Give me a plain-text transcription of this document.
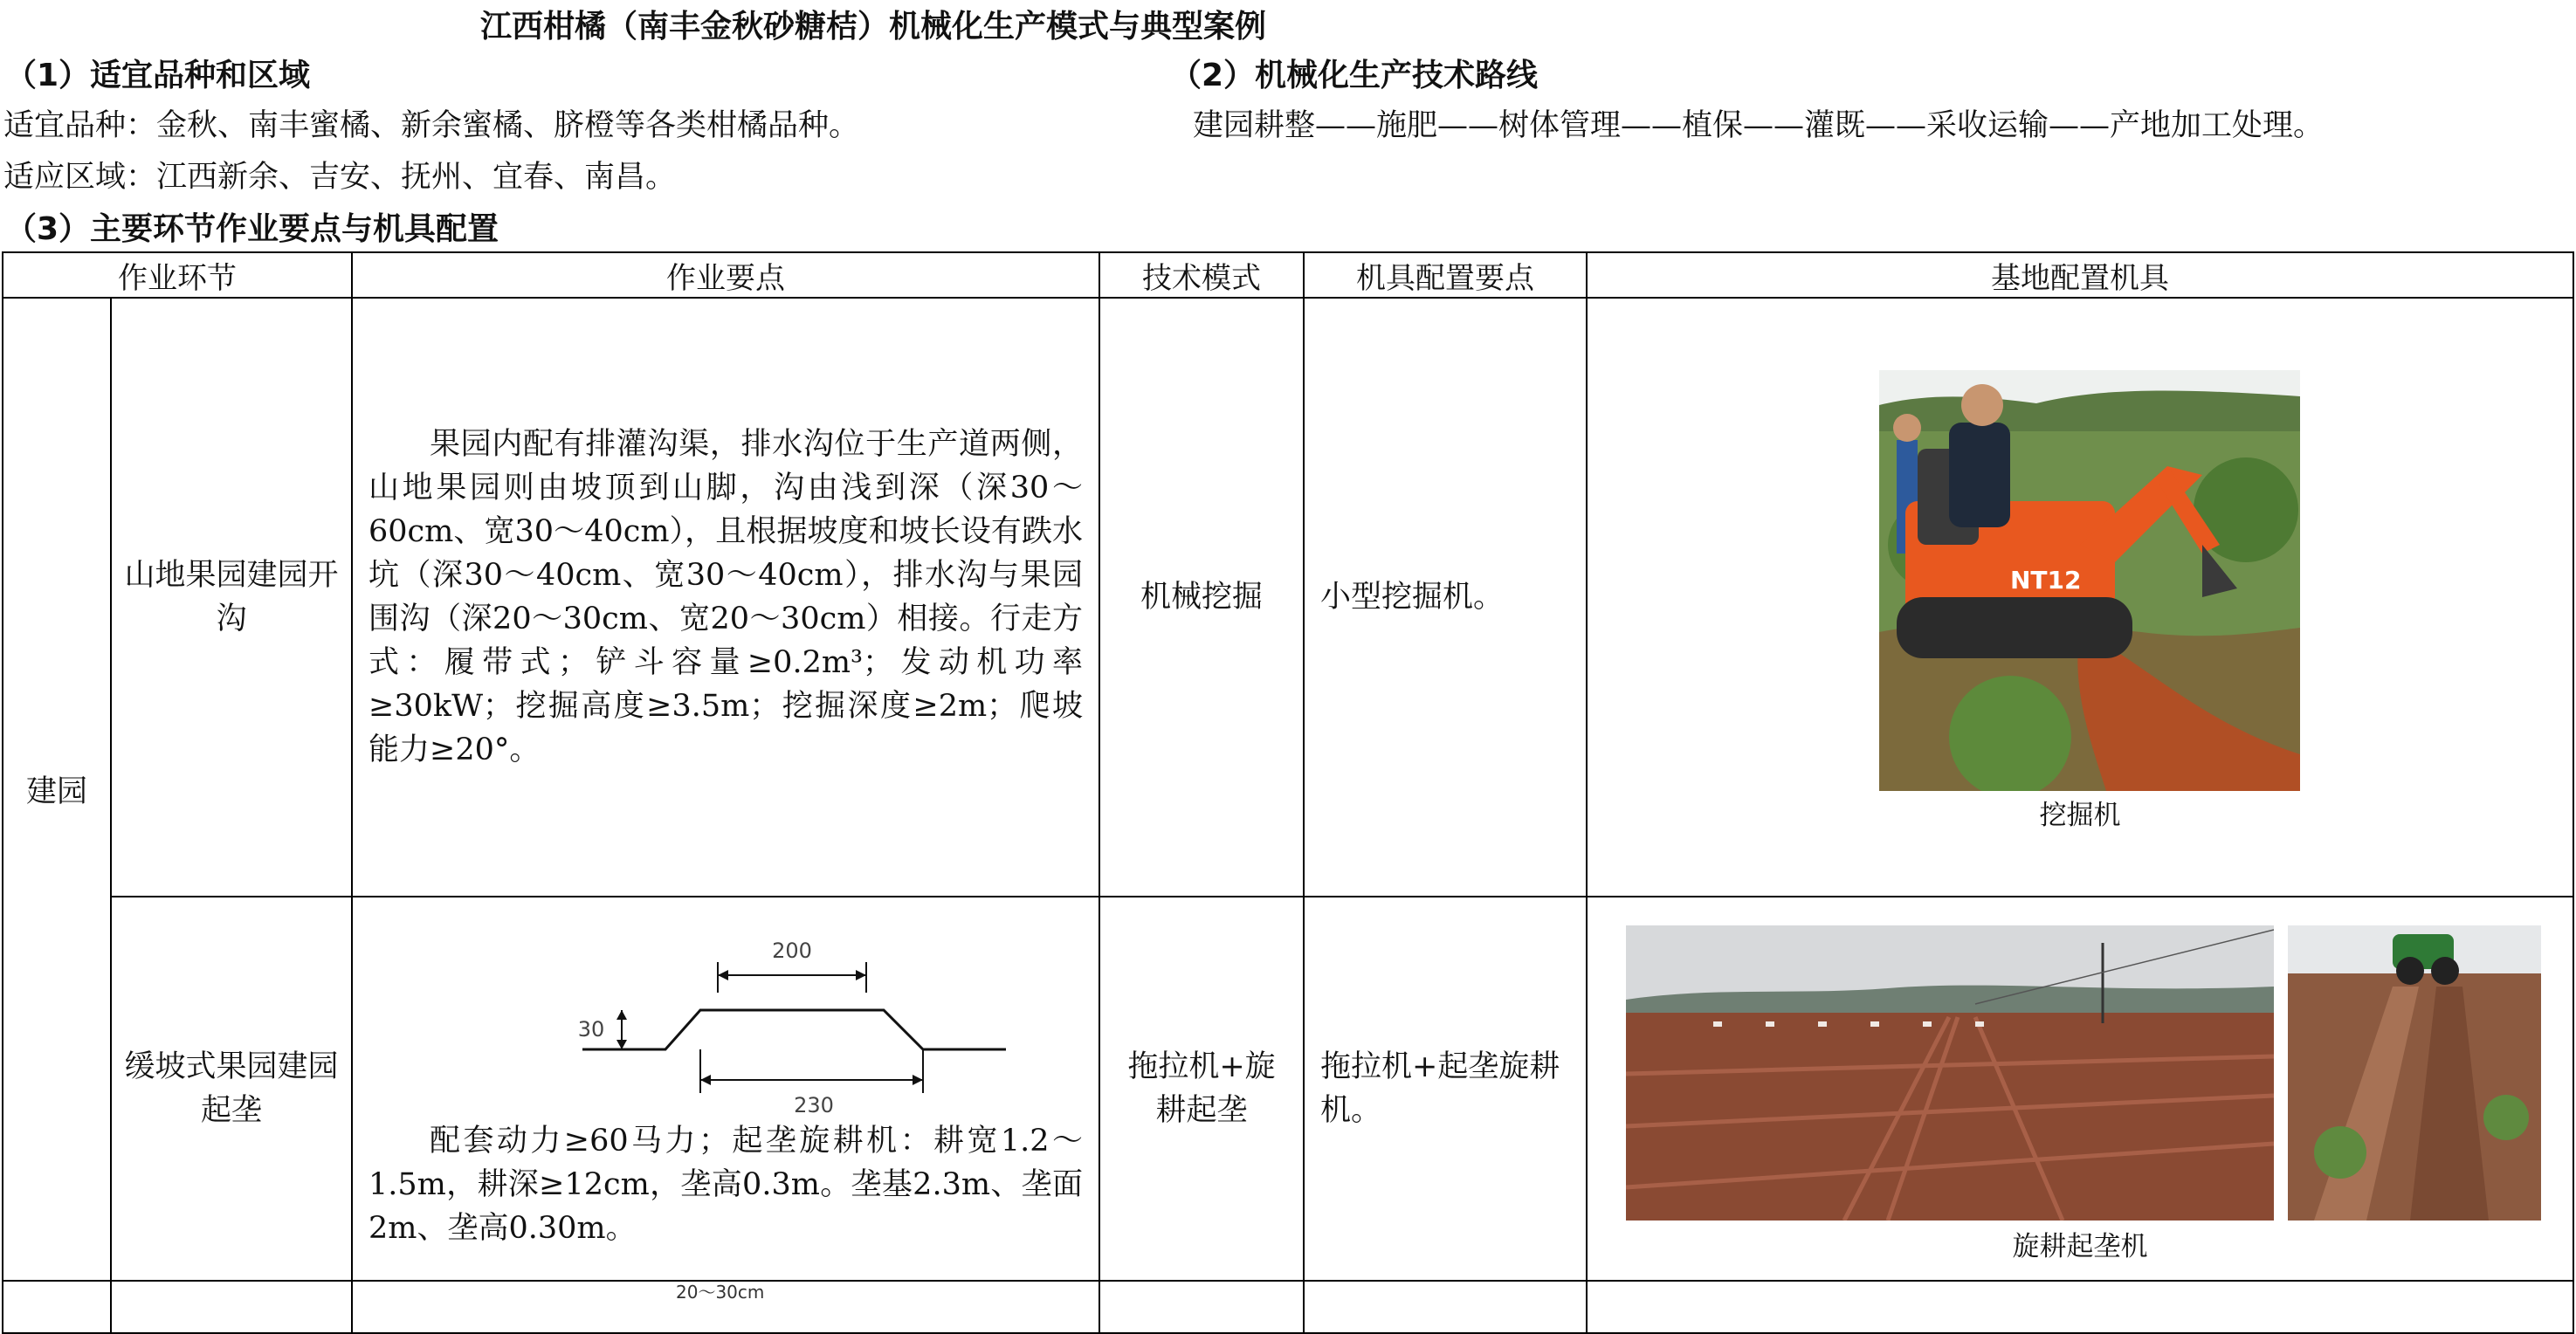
江西柑橘（南丰金秋砂糖桔）机械化生产模式与典型案例
（1）适宜品种和区域
适宜品种：金秋、南丰蜜橘、新余蜜橘、脐橙等各类柑橘品种。
适应区域：江西新余、吉安、抚州、宜春、南昌。
（2）机械化生产技术路线
建园耕整——施肥——树体管理——植保——灌既——采收运输——产地加工处理。
（3）主要环节作业要点与机具配置
作业环节		作业要点	技术模式	机具配置要点	基地配置机具
建园	山地果园建园开沟	果园内配有排灌沟渠，排水沟位于生产道两侧，山地果园则由坡顶到山脚，沟由浅到深（深30～60cm、宽30～40cm），且根据坡度和坡长设有跌水坑（深30～40cm、宽30～40cm），排水沟与果园围沟（深20～30cm、宽20～30cm）相接。行走方式：履带式；铲斗容量≥0.2m³；发动机功率≥30kW；挖掘高度≥3.5m；挖掘深度≥2m；爬坡能力≥20°。	机械挖掘	小型挖掘机。	NT12
挖掘机

	缓坡式果园建园起垄	200
30
230
配套动力≥60马力；起垄旋耕机：耕宽1.2～1.5m，耕深≥12cm，垄高0.3m。垄基2.3m、垄面2m、垄高0.30m。	拖拉机+旋耕起垄	拖拉机+起垄旋耕机。	旋耕起垄机

		20～30cm			
